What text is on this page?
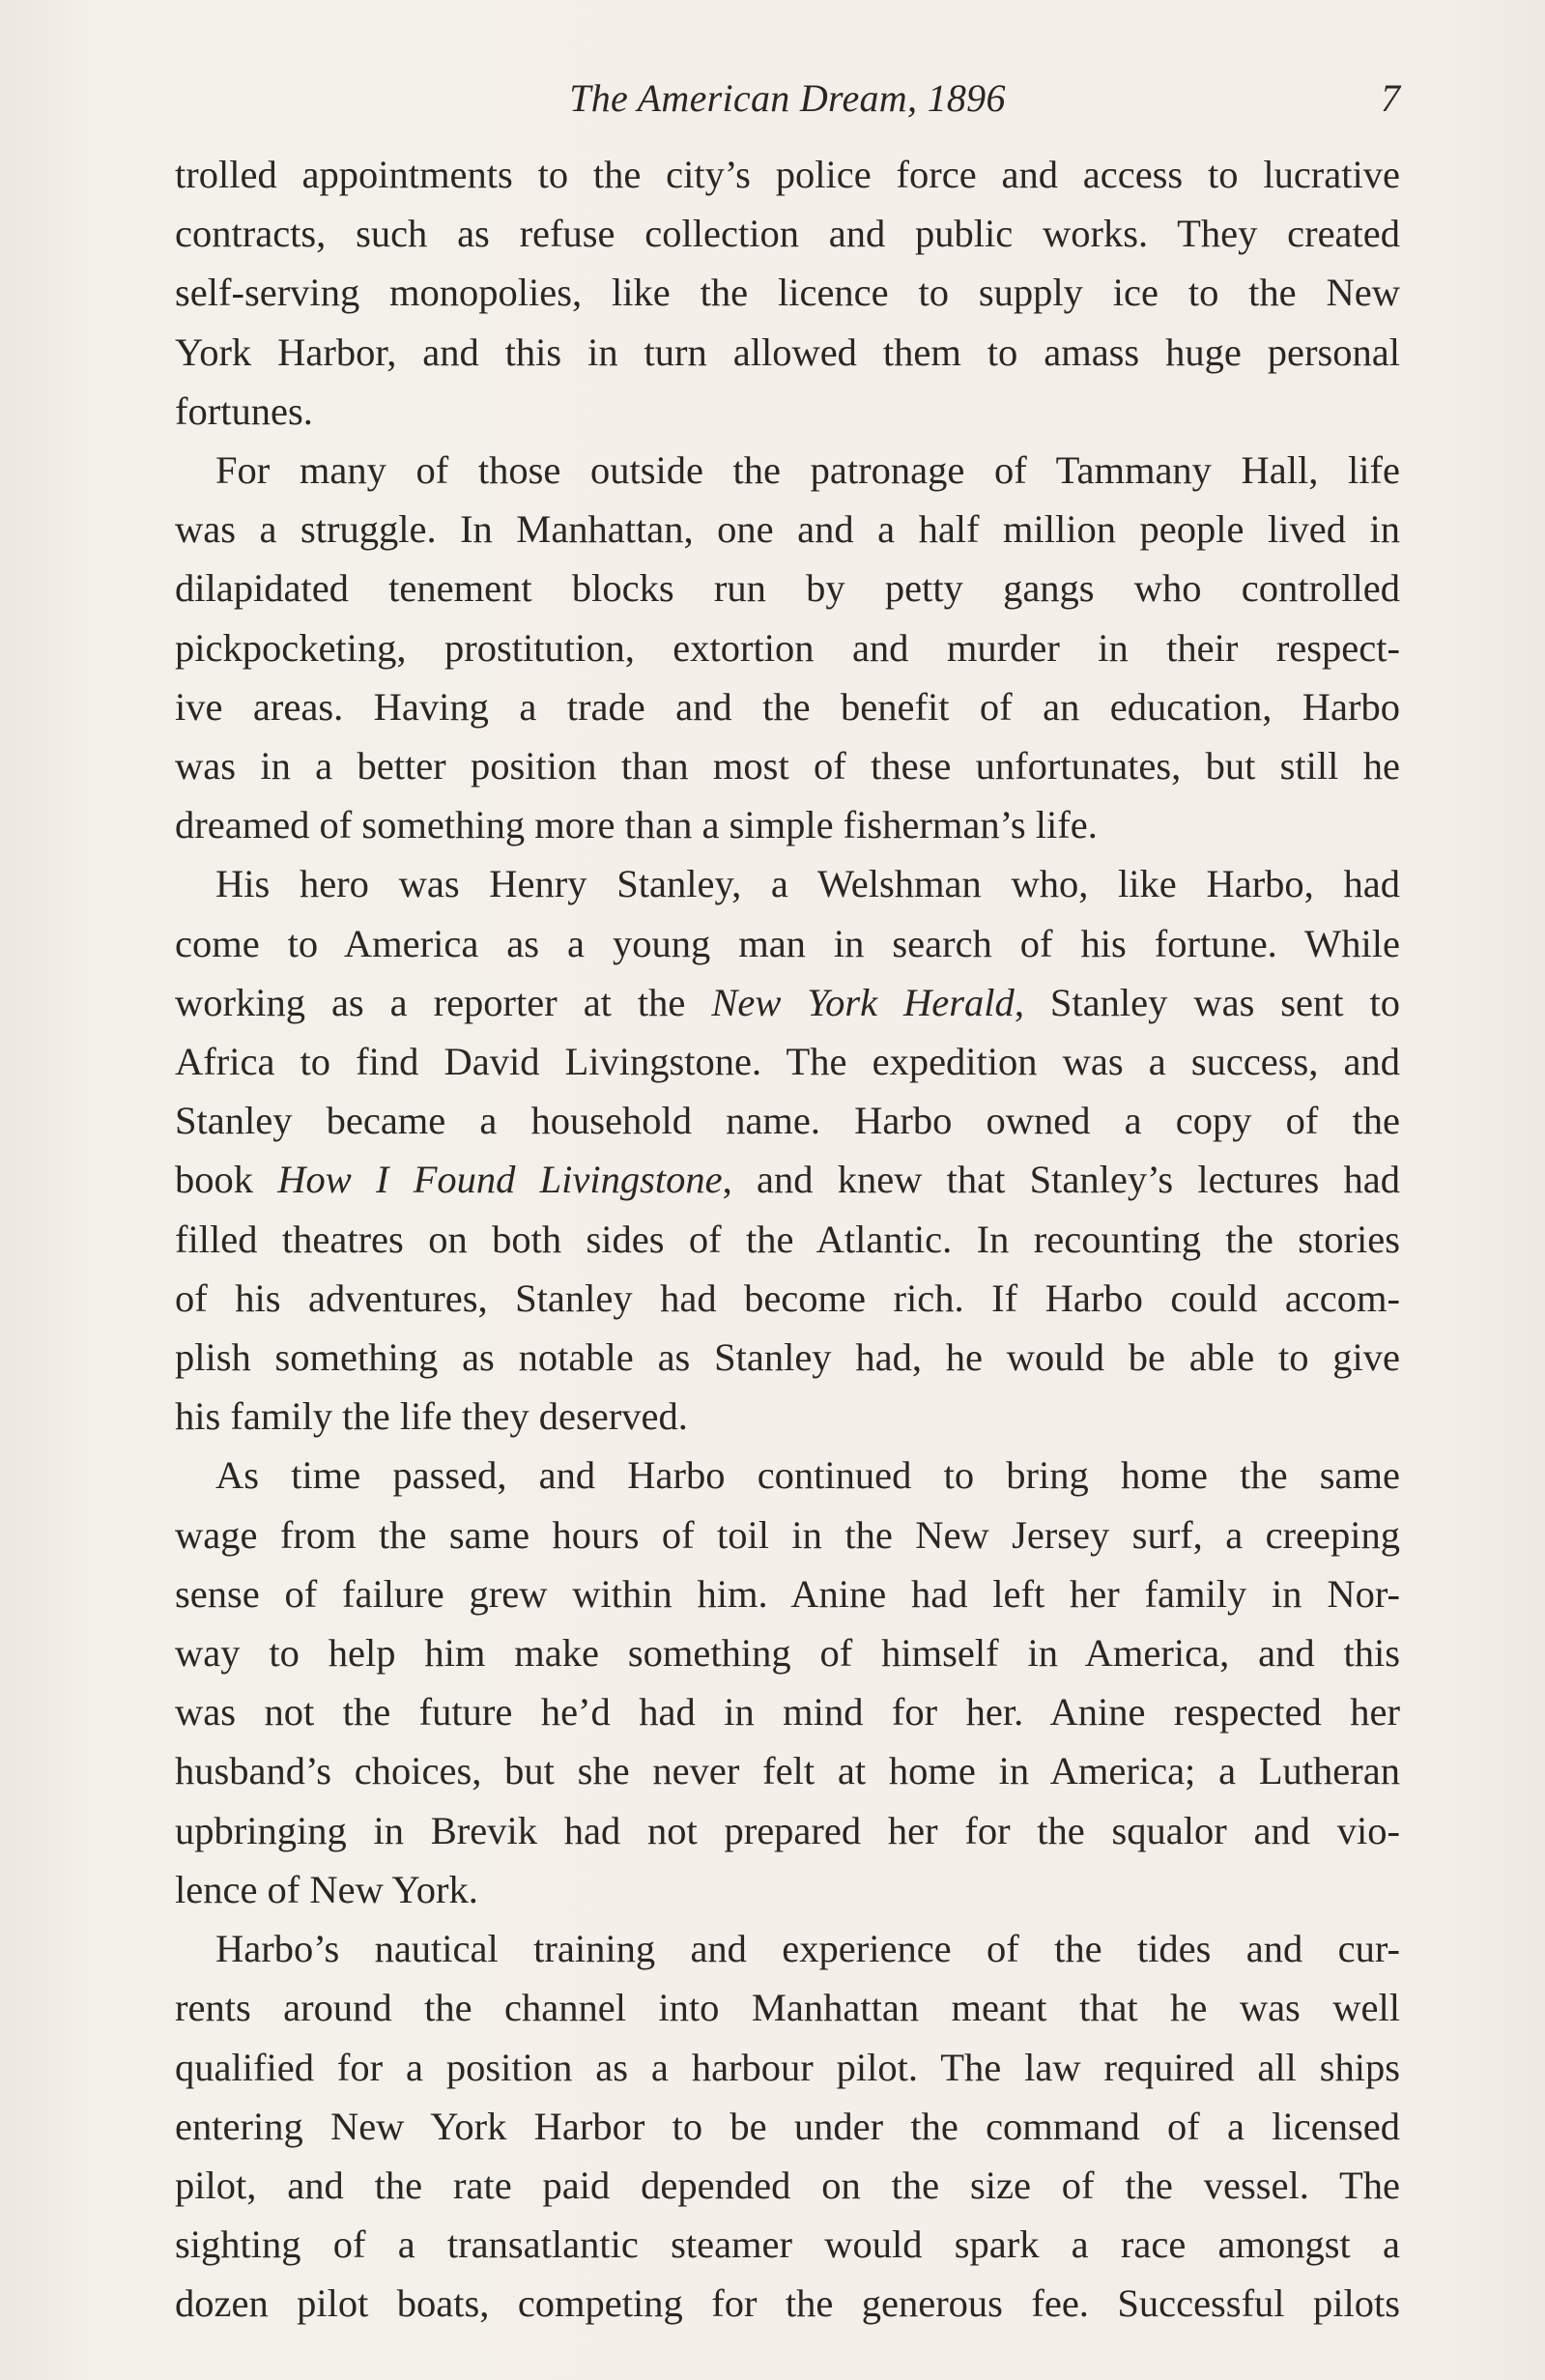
The American Dream, 1896	7
trolled appointments to the city’s police force and access to lucrative
contracts, such as refuse collection and public works. They created
self-serving monopolies, like the licence to supply ice to the New
York Harbor, and this in turn allowed them to amass huge personal
fortunes.
For many of those outside the patronage of Tammany Hall, life
was a struggle. In Manhattan, one and a half million people lived in
dilapidated tenement blocks run by petty gangs who controlled
pickpocketing, prostitution, extortion and murder in their respect-
ive areas. Having a trade and the benefit of an education, Harbo
was in a better position than most of these unfortunates, but still he
dreamed of something more than a simple fisherman’s life.
His hero was Henry Stanley, a Welshman who, like Harbo, had
come to America as a young man in search of his fortune. While
working as a reporter at the New York Herald, Stanley was sent to
Africa to find David Livingstone. The expedition was a success, and
Stanley became a household name. Harbo owned a copy of the
book How I Found Livingstone, and knew that Stanley’s lectures had
filled theatres on both sides of the Atlantic. In recounting the stories
of his adventures, Stanley had become rich. If Harbo could accom-
plish something as notable as Stanley had, he would be able to give
his family the life they deserved.
As time passed, and Harbo continued to bring home the same
wage from the same hours of toil in the New Jersey surf, a creeping
sense of failure grew within him. Anine had left her family in Nor-
way to help him make something of himself in America, and this
was not the future he’d had in mind for her. Anine respected her
husband’s choices, but she never felt at home in America; a Lutheran
upbringing in Brevik had not prepared her for the squalor and vio-
lence of New York.
Harbo’s nautical training and experience of the tides and cur-
rents around the channel into Manhattan meant that he was well
qualified for a position as a harbour pilot. The law required all ships
entering New York Harbor to be under the command of a licensed
pilot, and the rate paid depended on the size of the vessel. The
sighting of a transatlantic steamer would spark a race amongst a
dozen pilot boats, competing for the generous fee. Successful pilots
